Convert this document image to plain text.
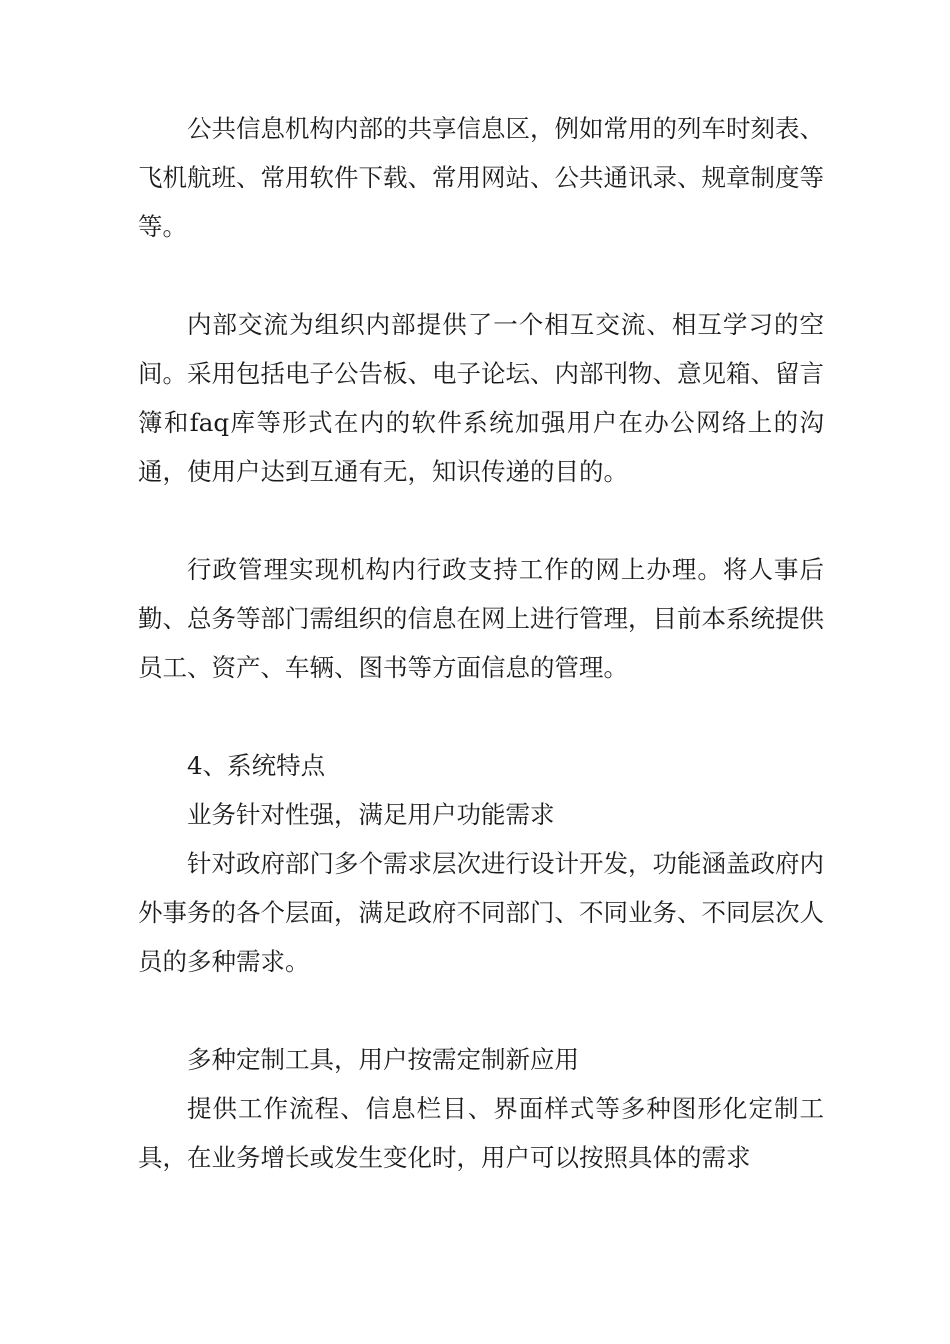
公共信息机构内部的共享信息区，例如常用的列车时刻表、飞机航班、常用软件下载、常用网站、公共通讯录、规章制度等等。

内部交流为组织内部提供了一个相互交流、相互学习的空间。采用包括电子公告板、电子论坛、内部刊物、意见箱、留言簿和faq库等形式在内的软件系统加强用户在办公网络上的沟通，使用户达到互通有无，知识传递的目的。

行政管理实现机构内行政支持工作的网上办理。将人事后勤、总务等部门需组织的信息在网上进行管理，目前本系统提供员工、资产、车辆、图书等方面信息的管理。

4、系统特点

业务针对性强，满足用户功能需求

针对政府部门多个需求层次进行设计开发，功能涵盖政府内外事务的各个层面，满足政府不同部门、不同业务、不同层次人员的多种需求。

多种定制工具，用户按需定制新应用

提供工作流程、信息栏目、界面样式等多种图形化定制工具，在业务增长或发生变化时，用户可以按照具体的需求
